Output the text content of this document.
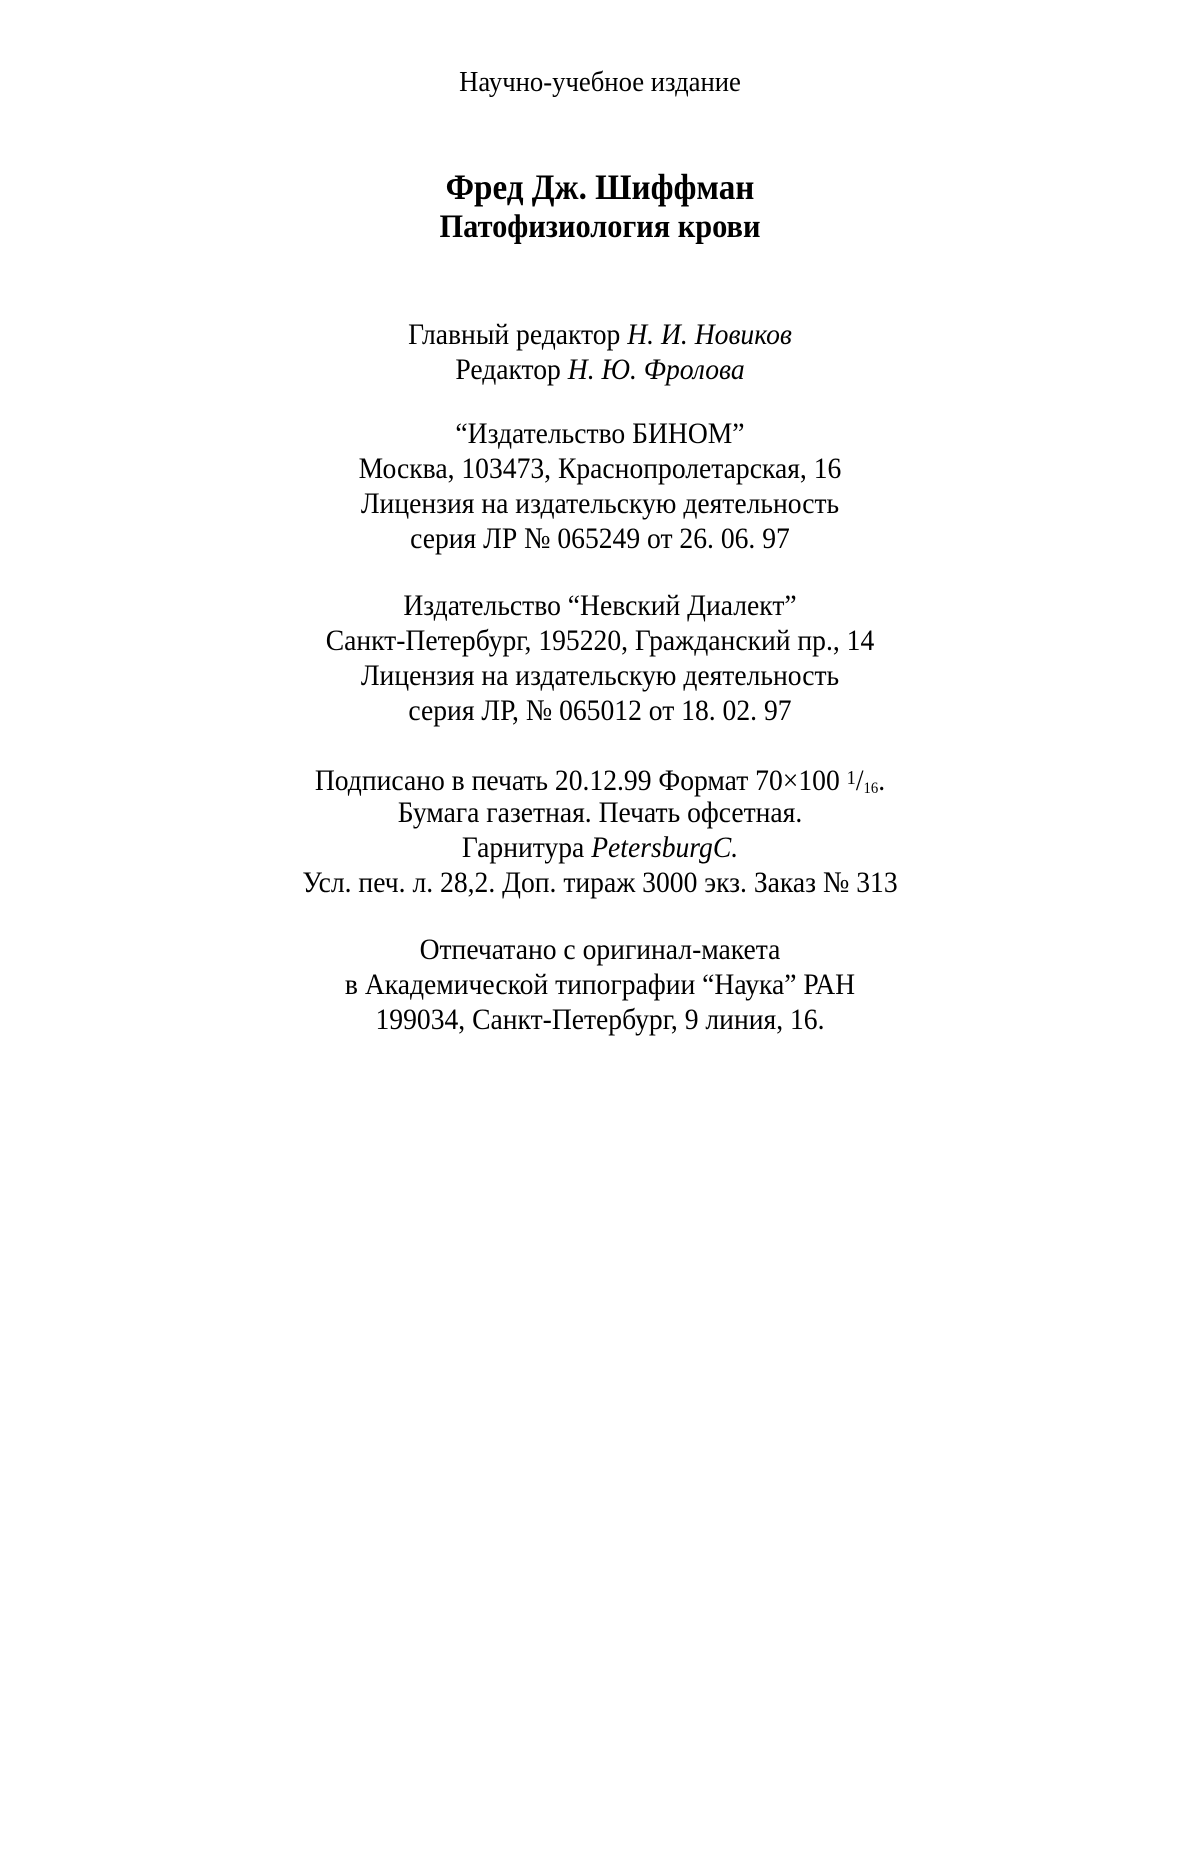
Научно-учебное издание
Фред Дж. Шиффман
Патофизиология крови
Главный редактор Н. И. Новиков
Редактор Н. Ю. Фролова
“Издательство БИНОМ”
Москва, 103473, Краснопролетарская, 16
Лицензия на издательскую деятельность
серия ЛР № 065249 от 26. 06. 97
Издательство “Невский Диалект”
Санкт-Петербург, 195220, Гражданский пр., 14
Лицензия на издательскую деятельность
серия ЛР, № 065012 от 18. 02. 97
Подписано в печать 20.12.99 Формат 70×100 $^1$/16.
Бумага газетная. Печать офсетная.
Гарнитура PetersburgC.
Усл. печ. л. 28,2. Доп. тираж 3000 экз. Заказ № 313
Отпечатано с оригинал-макета
в Академической типографии “Наука” РАН
199034, Санкт-Петербург, 9 линия, 16.
